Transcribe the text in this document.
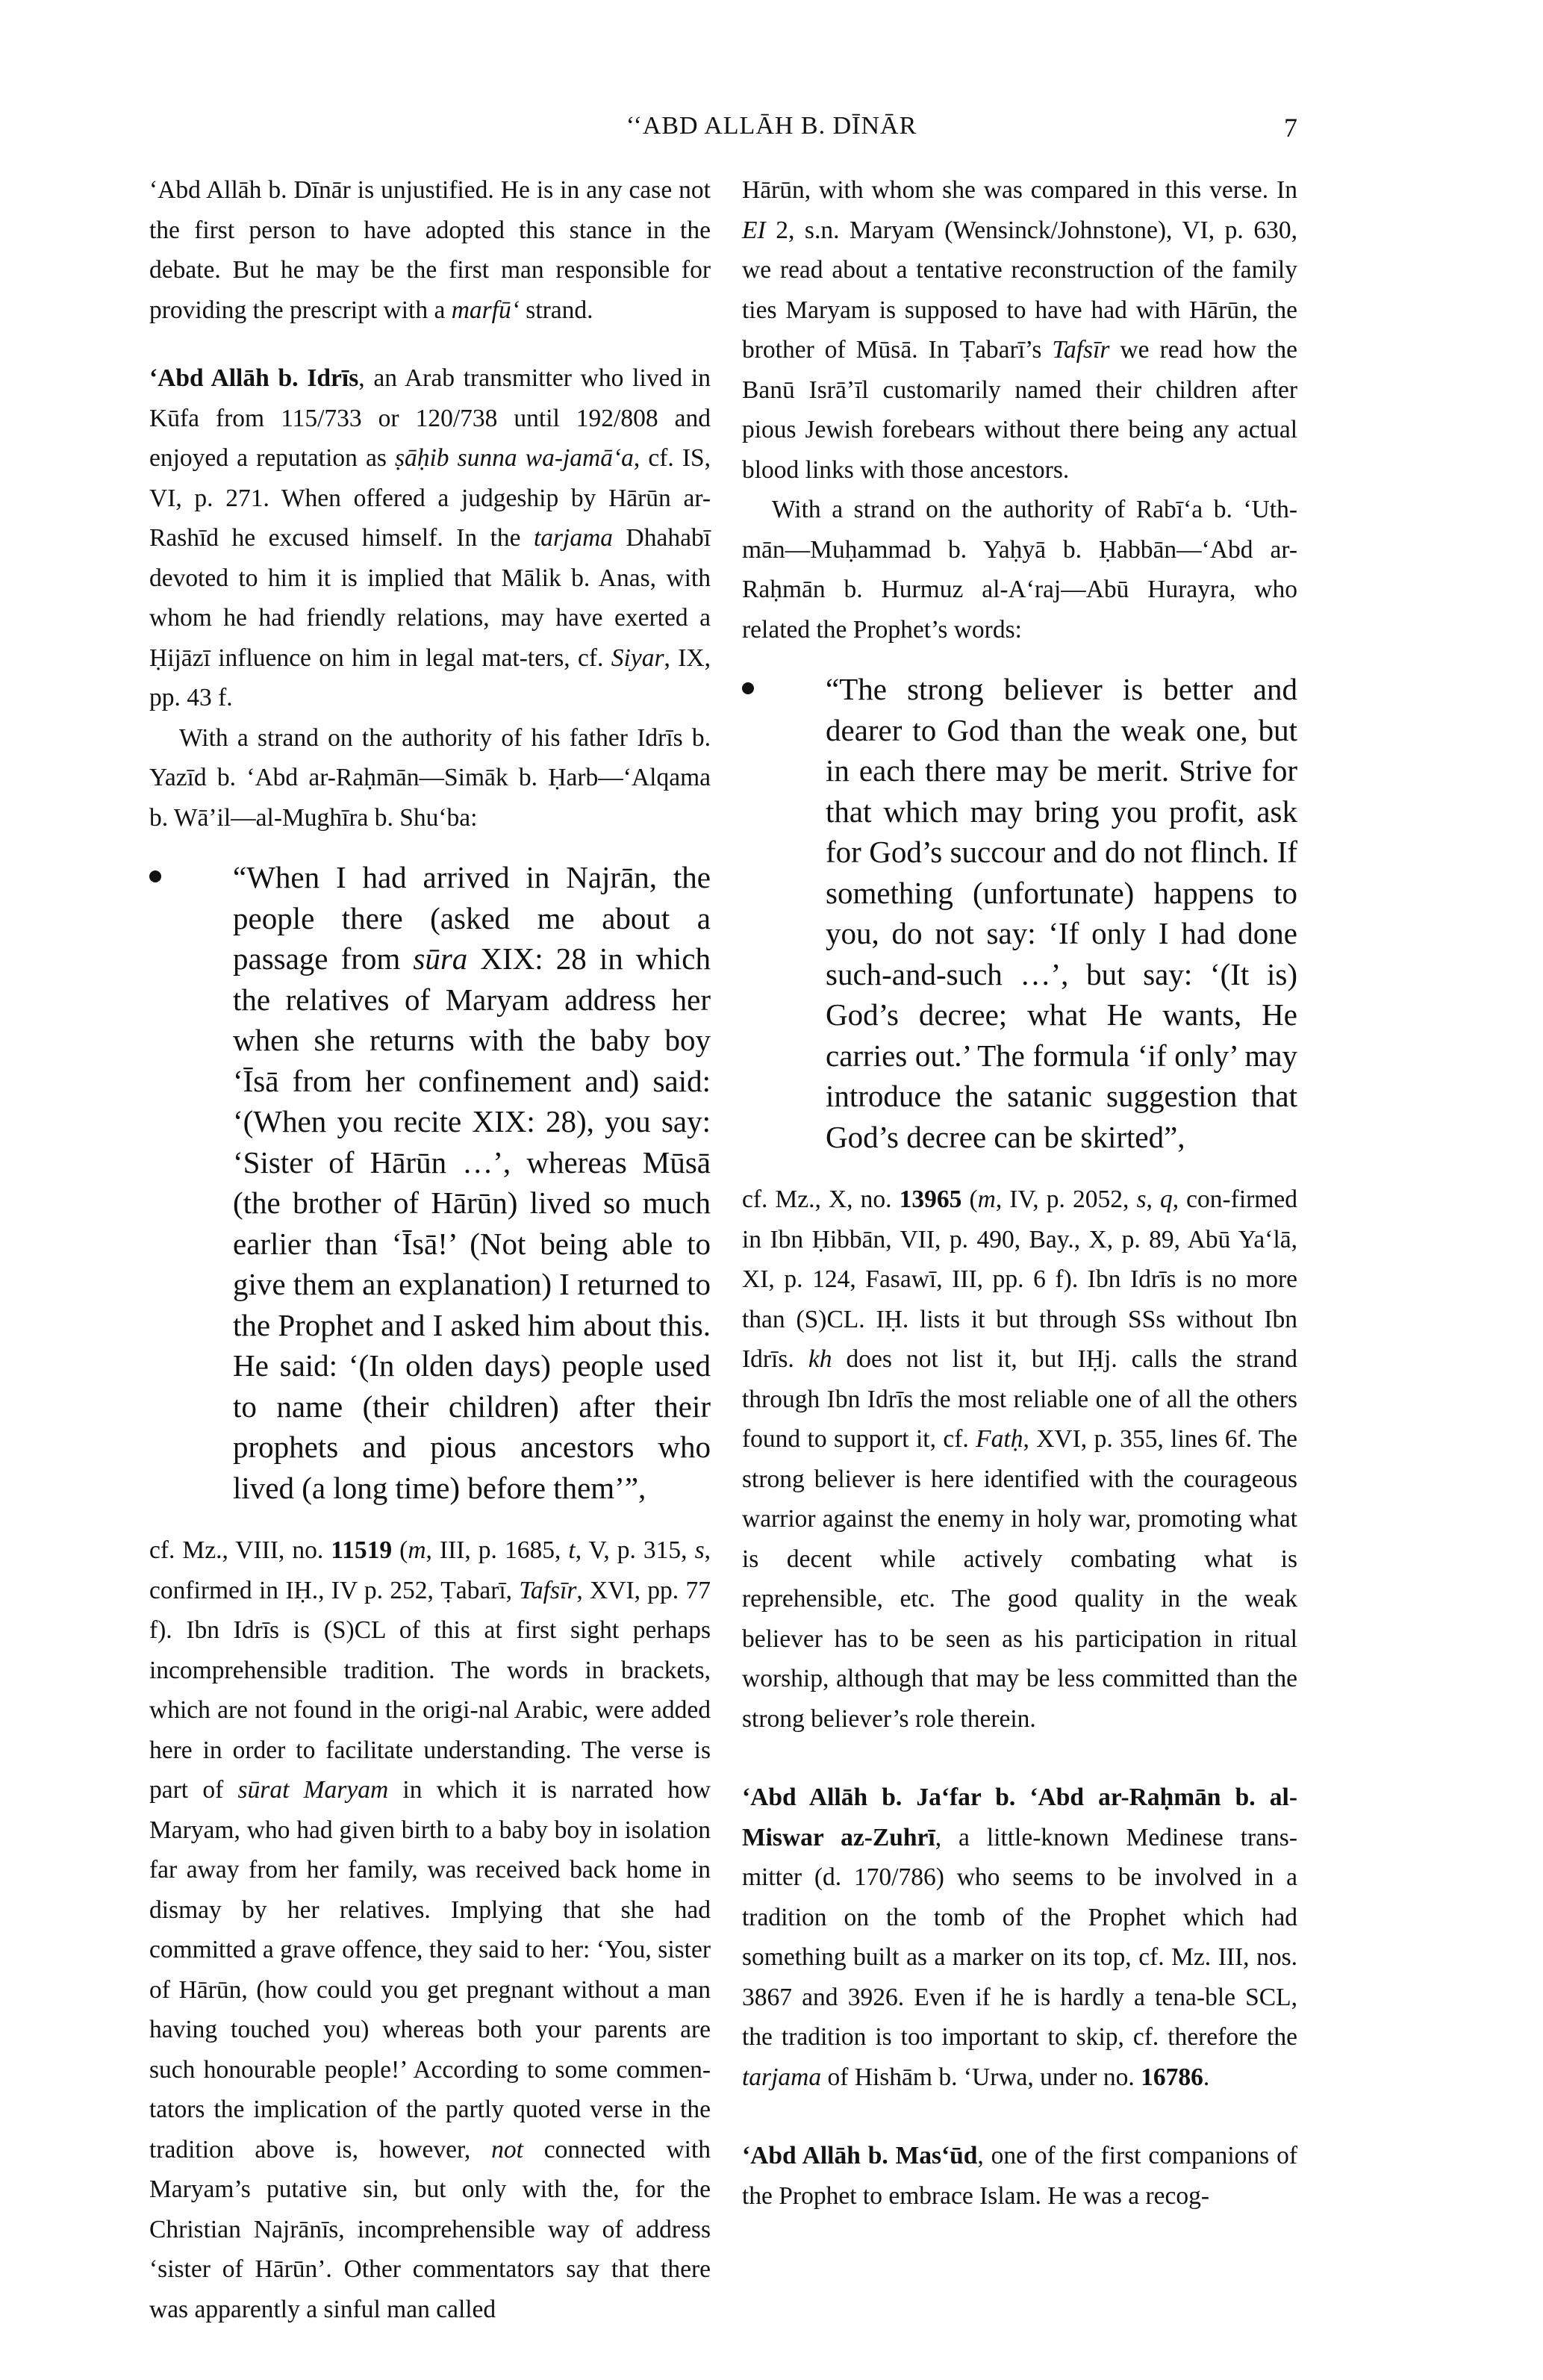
‘‘ABD ALLĀH B. DĪNĀR	7

‘Abd Allāh b. Dīnār is unjustified. He is in any case not the first person to have adopted this stance in the debate. But he may be the first man responsible for providing the prescript with a marfū‘ strand.

‘Abd Allāh b. Idrīs, an Arab transmitter who lived in Kūfa from 115/733 or 120/738 until 192/808 and enjoyed a reputation as ṣāḥib sunna wa-jamā‘a, cf. IS, VI, p. 271. When offered a judgeship by Hārūn ar-Rashīd he excused himself. In the tarjama Dhahabī devoted to him it is implied that Mālik b. Anas, with whom he had friendly relations, may have exerted a Ḥijāzī influence on him in legal mat-ters, cf. Siyar, IX, pp. 43 f.

With a strand on the authority of his father Idrīs b. Yazīd b. ‘Abd ar-Raḥmān—Simāk b. Ḥarb—‘Alqama b. Wā’il—al-Mughīra b. Shu‘ba:

“When I had arrived in Najrān, the people there (asked me about a passage from sūra XIX: 28 in which the relatives of Maryam address her when she returns with the baby boy ‘Īsā from her confinement and) said: ‘(When you recite XIX: 28), you say: ‘Sister of Hārūn …’, whereas Mūsā (the brother of Hārūn) lived so much earlier than ‘Īsā!’ (Not being able to give them an explanation) I returned to the Prophet and I asked him about this. He said: ‘(In olden days) people used to name (their children) after their prophets and pious ancestors who lived (a long time) before them’”,

cf. Mz., VIII, no. 11519 (m, III, p. 1685, t, V, p. 315, s, confirmed in IḤ., IV p. 252, Ṭabarī, Tafsīr, XVI, pp. 77 f). Ibn Idrīs is (S)CL of this at first sight perhaps incomprehensible tradition. The words in brackets, which are not found in the origi-nal Arabic, were added here in order to facilitate understanding. The verse is part of sūrat Maryam in which it is narrated how Maryam, who had given birth to a baby boy in isolation far away from her family, was received back home in dismay by her relatives. Implying that she had committed a grave offence, they said to her: ‘You, sister of Hārūn, (how could you get pregnant without a man having touched you) whereas both your parents are such honourable people!’ According to some commen-tators the implication of the partly quoted verse in the tradition above is, however, not connected with Maryam’s putative sin, but only with the, for the Christian Najrānīs, incomprehensible way of address ‘sister of Hārūn’. Other commentators say that there was apparently a sinful man called

Hārūn, with whom she was compared in this verse. In EI 2, s.n. Maryam (Wensinck/Johnstone), VI, p. 630, we read about a tentative reconstruction of the family ties Maryam is supposed to have had with Hārūn, the brother of Mūsā. In Ṭabarī’s Tafsīr we read how the Banū Isrā’īl customarily named their children after pious Jewish forebears without there being any actual blood links with those ancestors.

With a strand on the authority of Rabī‘a b. ‘Uth-mān—Muḥammad b. Yaḥyā b. Ḥabbān—‘Abd ar-Raḥmān b. Hurmuz al-A‘raj—Abū Hurayra, who related the Prophet’s words:

“The strong believer is better and dearer to God than the weak one, but in each there may be merit. Strive for that which may bring you profit, ask for God’s succour and do not flinch. If something (unfortunate) happens to you, do not say: ‘If only I had done such-and-such …’, but say: ‘(It is) God’s decree; what He wants, He carries out.’ The formula ‘if only’ may introduce the satanic suggestion that God’s decree can be skirted”,

cf. Mz., X, no. 13965 (m, IV, p. 2052, s, q, con-firmed in Ibn Ḥibbān, VII, p. 490, Bay., X, p. 89, Abū Ya‘lā, XI, p. 124, Fasawī, III, pp. 6 f). Ibn Idrīs is no more than (S)CL. IḤ. lists it but through SSs without Ibn Idrīs. kh does not list it, but IḤj. calls the strand through Ibn Idrīs the most reliable one of all the others found to support it, cf. Fatḥ, XVI, p. 355, lines 6f. The strong believer is here identified with the courageous warrior against the enemy in holy war, promoting what is decent while actively combating what is reprehensible, etc. The good quality in the weak believer has to be seen as his participation in ritual worship, although that may be less committed than the strong believer’s role therein.

‘Abd Allāh b. Ja‘far b. ‘Abd ar-Raḥmān b. al-Miswar az-Zuhrī, a little-known Medinese trans-mitter (d. 170/786) who seems to be involved in a tradition on the tomb of the Prophet which had something built as a marker on its top, cf. Mz. III, nos. 3867 and 3926. Even if he is hardly a tena-ble SCL, the tradition is too important to skip, cf. therefore the tarjama of Hishām b. ‘Urwa, under no. 16786.

‘Abd Allāh b. Mas‘ūd, one of the first companions of the Prophet to embrace Islam. He was a recog-
